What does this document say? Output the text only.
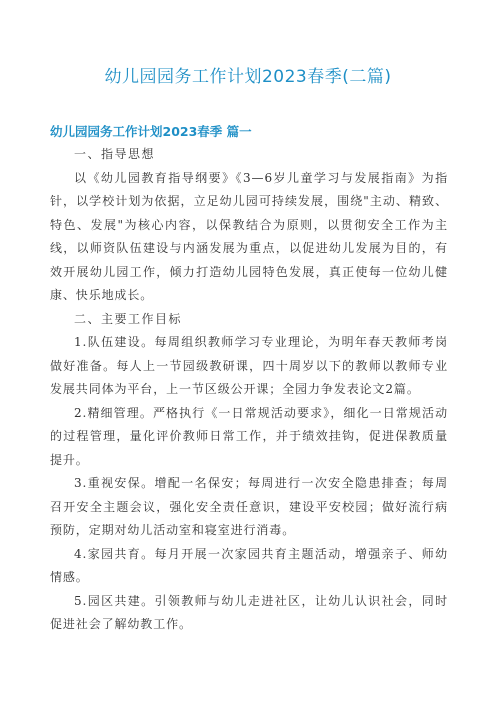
幼儿园园务工作计划2023春季(二篇)
幼儿园园务工作计划2023春季 篇一

一、指导思想

以《幼儿园教育指导纲要》《3—6岁儿童学习与发展指南》为指针，以学校计划为依据，立足幼儿园可持续发展，围绕"主动、精致、特色、发展"为核心内容，以保教结合为原则，以贯彻安全工作为主线，以师资队伍建设与内涵发展为重点，以促进幼儿发展为目的，有效开展幼儿园工作，倾力打造幼儿园特色发展，真正使每一位幼儿健康、快乐地成长。

二、主要工作目标

1.队伍建设。每周组织教师学习专业理论，为明年春天教师考岗做好准备。每人上一节园级教研课，四十周岁以下的教师以教师专业发展共同体为平台，上一节区级公开课；全园力争发表论文2篇。

2.精细管理。严格执行《一日常规活动要求》，细化一日常规活动的过程管理，量化评价教师日常工作，并于绩效挂钩，促进保教质量提升。

3.重视安保。增配一名保安；每周进行一次安全隐患排查；每周召开安全主题会议，强化安全责任意识，建设平安校园；做好流行病预防，定期对幼儿活动室和寝室进行消毒。

4.家园共育。每月开展一次家园共育主题活动，增强亲子、师幼情感。

5.园区共建。引领教师与幼儿走进社区，让幼儿认识社会，同时促进社会了解幼教工作。
